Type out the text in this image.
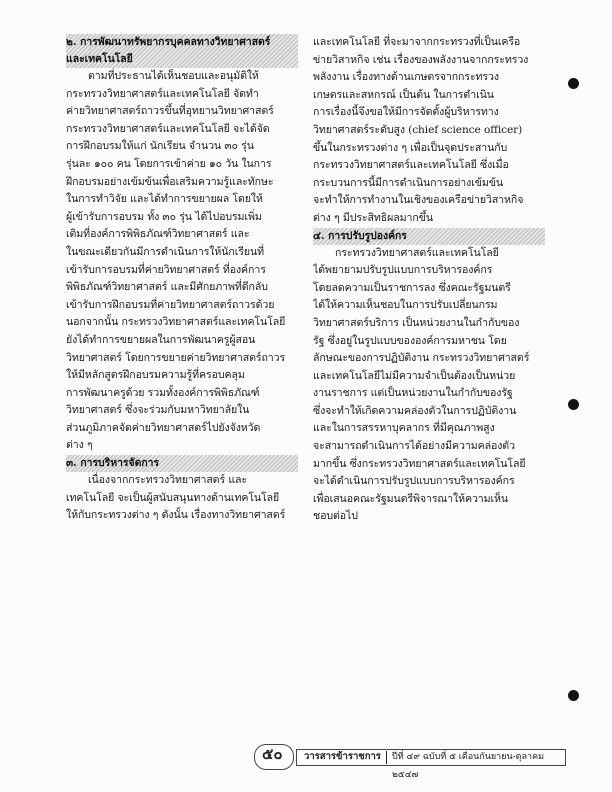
๒. การพัฒนาทรัพยากรบุคคลทางวิทยาศาสตร์
และเทคโนโลยี
ตามที่ประธานได้เห็นชอบและอนุมัติให้
กระทรวงวิทยาศาสตร์และเทคโนโลยี จัดทำ
ค่ายวิทยาศาสตร์ถาวรขึ้นที่อุทยานวิทยาศาสตร์
กระทรวงวิทยาศาสตร์และเทคโนโลยี จะได้จัด
การฝึกอบรมให้แก่ นักเรียน จำนวน ๓๐ รุ่น
รุ่นละ ๑๐๐ คน โดยการเข้าค่าย ๑๐ วัน ในการ
ฝึกอบรมอย่างเข้มข้นเพื่อเสริมความรู้และทักษะ
ในการทำวิจัย และได้ทำการขยายผล โดยให้
ผู้เข้ารับการอบรม ทั้ง ๓๐ รุ่น ได้ไปอบรมเพิ่ม
เติมที่องค์การพิพิธภัณฑ์วิทยาศาสตร์ และ
ในขณะเดียวกันมีการดำเนินการให้นักเรียนที่
เข้ารับการอบรมที่ค่ายวิทยาศาสตร์ ที่องค์การ
พิพิธภัณฑ์วิทยาศาสตร์ และมีศักยภาพที่ดีกลับ
เข้ารับการฝึกอบรมที่ค่ายวิทยาศาสตร์ถาวรด้วย
นอกจากนั้น กระทรวงวิทยาศาสตร์และเทคโนโลยี
ยังได้ทำการขยายผลในการพัฒนาครูผู้สอน
วิทยาศาสตร์ โดยการขยายค่ายวิทยาศาสตร์ถาวร
ให้มีหลักสูตรฝึกอบรมความรู้ที่ครอบคลุม
การพัฒนาครูด้วย รวมทั้งองค์การพิพิธภัณฑ์
วิทยาศาสตร์ ซึ่งจะร่วมกับมหาวิทยาลัยใน
ส่วนภูมิภาคจัดค่ายวิทยาศาสตร์ไปยังจังหวัด
ต่าง ๆ
๓. การบริหารจัดการ
เนื่องจากกระทรวงวิทยาศาสตร์ และ
เทคโนโลยี จะเป็นผู้สนับสนุนทางด้านเทคโนโลยี
ให้กับกระทรวงต่าง ๆ ดังนั้น เรื่องทางวิทยาศาสตร์
และเทคโนโลยี ที่จะมาจากกระทรวงที่เป็นเครือ
ข่ายวิสาหกิจ เช่น เรื่องของพลังงานจากกระทรวง
พลังงาน เรื่องทางด้านเกษตรจากกระทรวง
เกษตรและสหกรณ์ เป็นต้น ในการดำเนิน
การเรื่องนี้จึงขอให้มีการจัดตั้งผู้บริหารทาง
วิทยาศาสตร์ระดับสูง (chief science officer)
ขึ้นในกระทรวงต่าง ๆ เพื่อเป็นจุดประสานกับ
กระทรวงวิทยาศาสตร์และเทคโนโลยี ซึ่งเมื่อ
กระบวนการนี้มีการดำเนินการอย่างเข้มข้น
จะทำให้การทำงานในเชิงของเครือข่ายวิสาหกิจ
ต่าง ๆ มีประสิทธิผลมากขึ้น
๔. การปรับรูปองค์กร
กระทรวงวิทยาศาสตร์และเทคโนโลยี
ได้พยายามปรับรูปแบบการบริหารองค์กร
โดยลดความเป็นราชการลง ซึ่งคณะรัฐมนตรี
ได้ให้ความเห็นชอบในการปรับเปลี่ยนกรม
วิทยาศาสตร์บริการ เป็นหน่วยงานในกำกับของ
รัฐ ซึ่งอยู่ในรูปแบบขององค์การมหาชน โดย
ลักษณะของการปฏิบัติงาน กระทรวงวิทยาศาสตร์
และเทคโนโลยีไม่มีความจำเป็นต้องเป็นหน่วย
งานราชการ แต่เป็นหน่วยงานในกำกับของรัฐ
ซึ่งจะทำให้เกิดความคล่องตัวในการปฏิบัติงาน
และในการสรรหาบุคลากร ที่มีคุณภาพสูง
จะสามารถดำเนินการได้อย่างมีความคล่องตัว
มากขึ้น ซึ่งกระทรวงวิทยาศาสตร์และเทคโนโลยี
จะได้ดำเนินการปรับรูปแบบการบริหารองค์กร
เพื่อเสนอคณะรัฐมนตรีพิจารณาให้ความเห็น
ชอบต่อไป
๕๐ วารสารข้าราชการ ปีที่ ๔๙ ฉบับที่ ๕ เดือนกันยายน-ตุลาคม ๒๕๔๗
